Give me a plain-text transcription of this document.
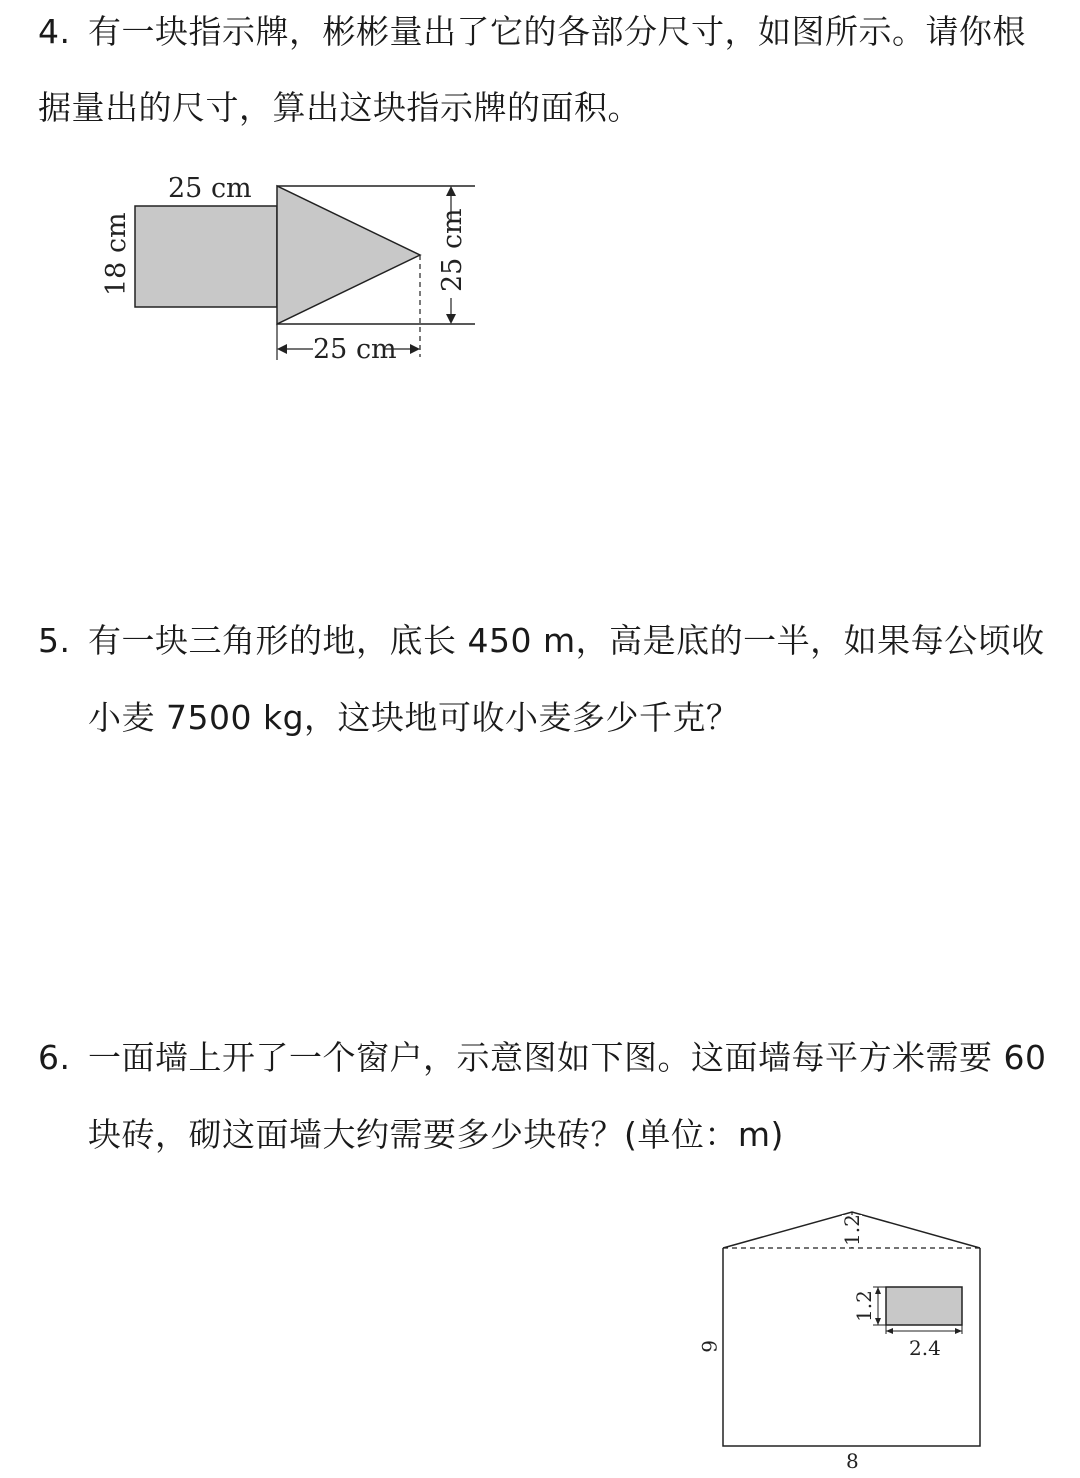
4. 有一块指示牌，彬彬量出了它的各部分尺寸，如图所示。请你根
据量出的尺寸，算出这块指示牌的面积。
25 cm
18 cm	25 cm
25 cm
5. 有一块三角形的地，底长 450 m，高是底的一半，如果每公顷收
小麦 7500 kg，这块地可收小麦多少千克？
6. 一面墙上开了一个窗户，示意图如下图。这面墙每平方米需要 60
块砖，砌这面墙大约需要多少块砖？(单位：m)
1.2
1.2
2.4
6
8
